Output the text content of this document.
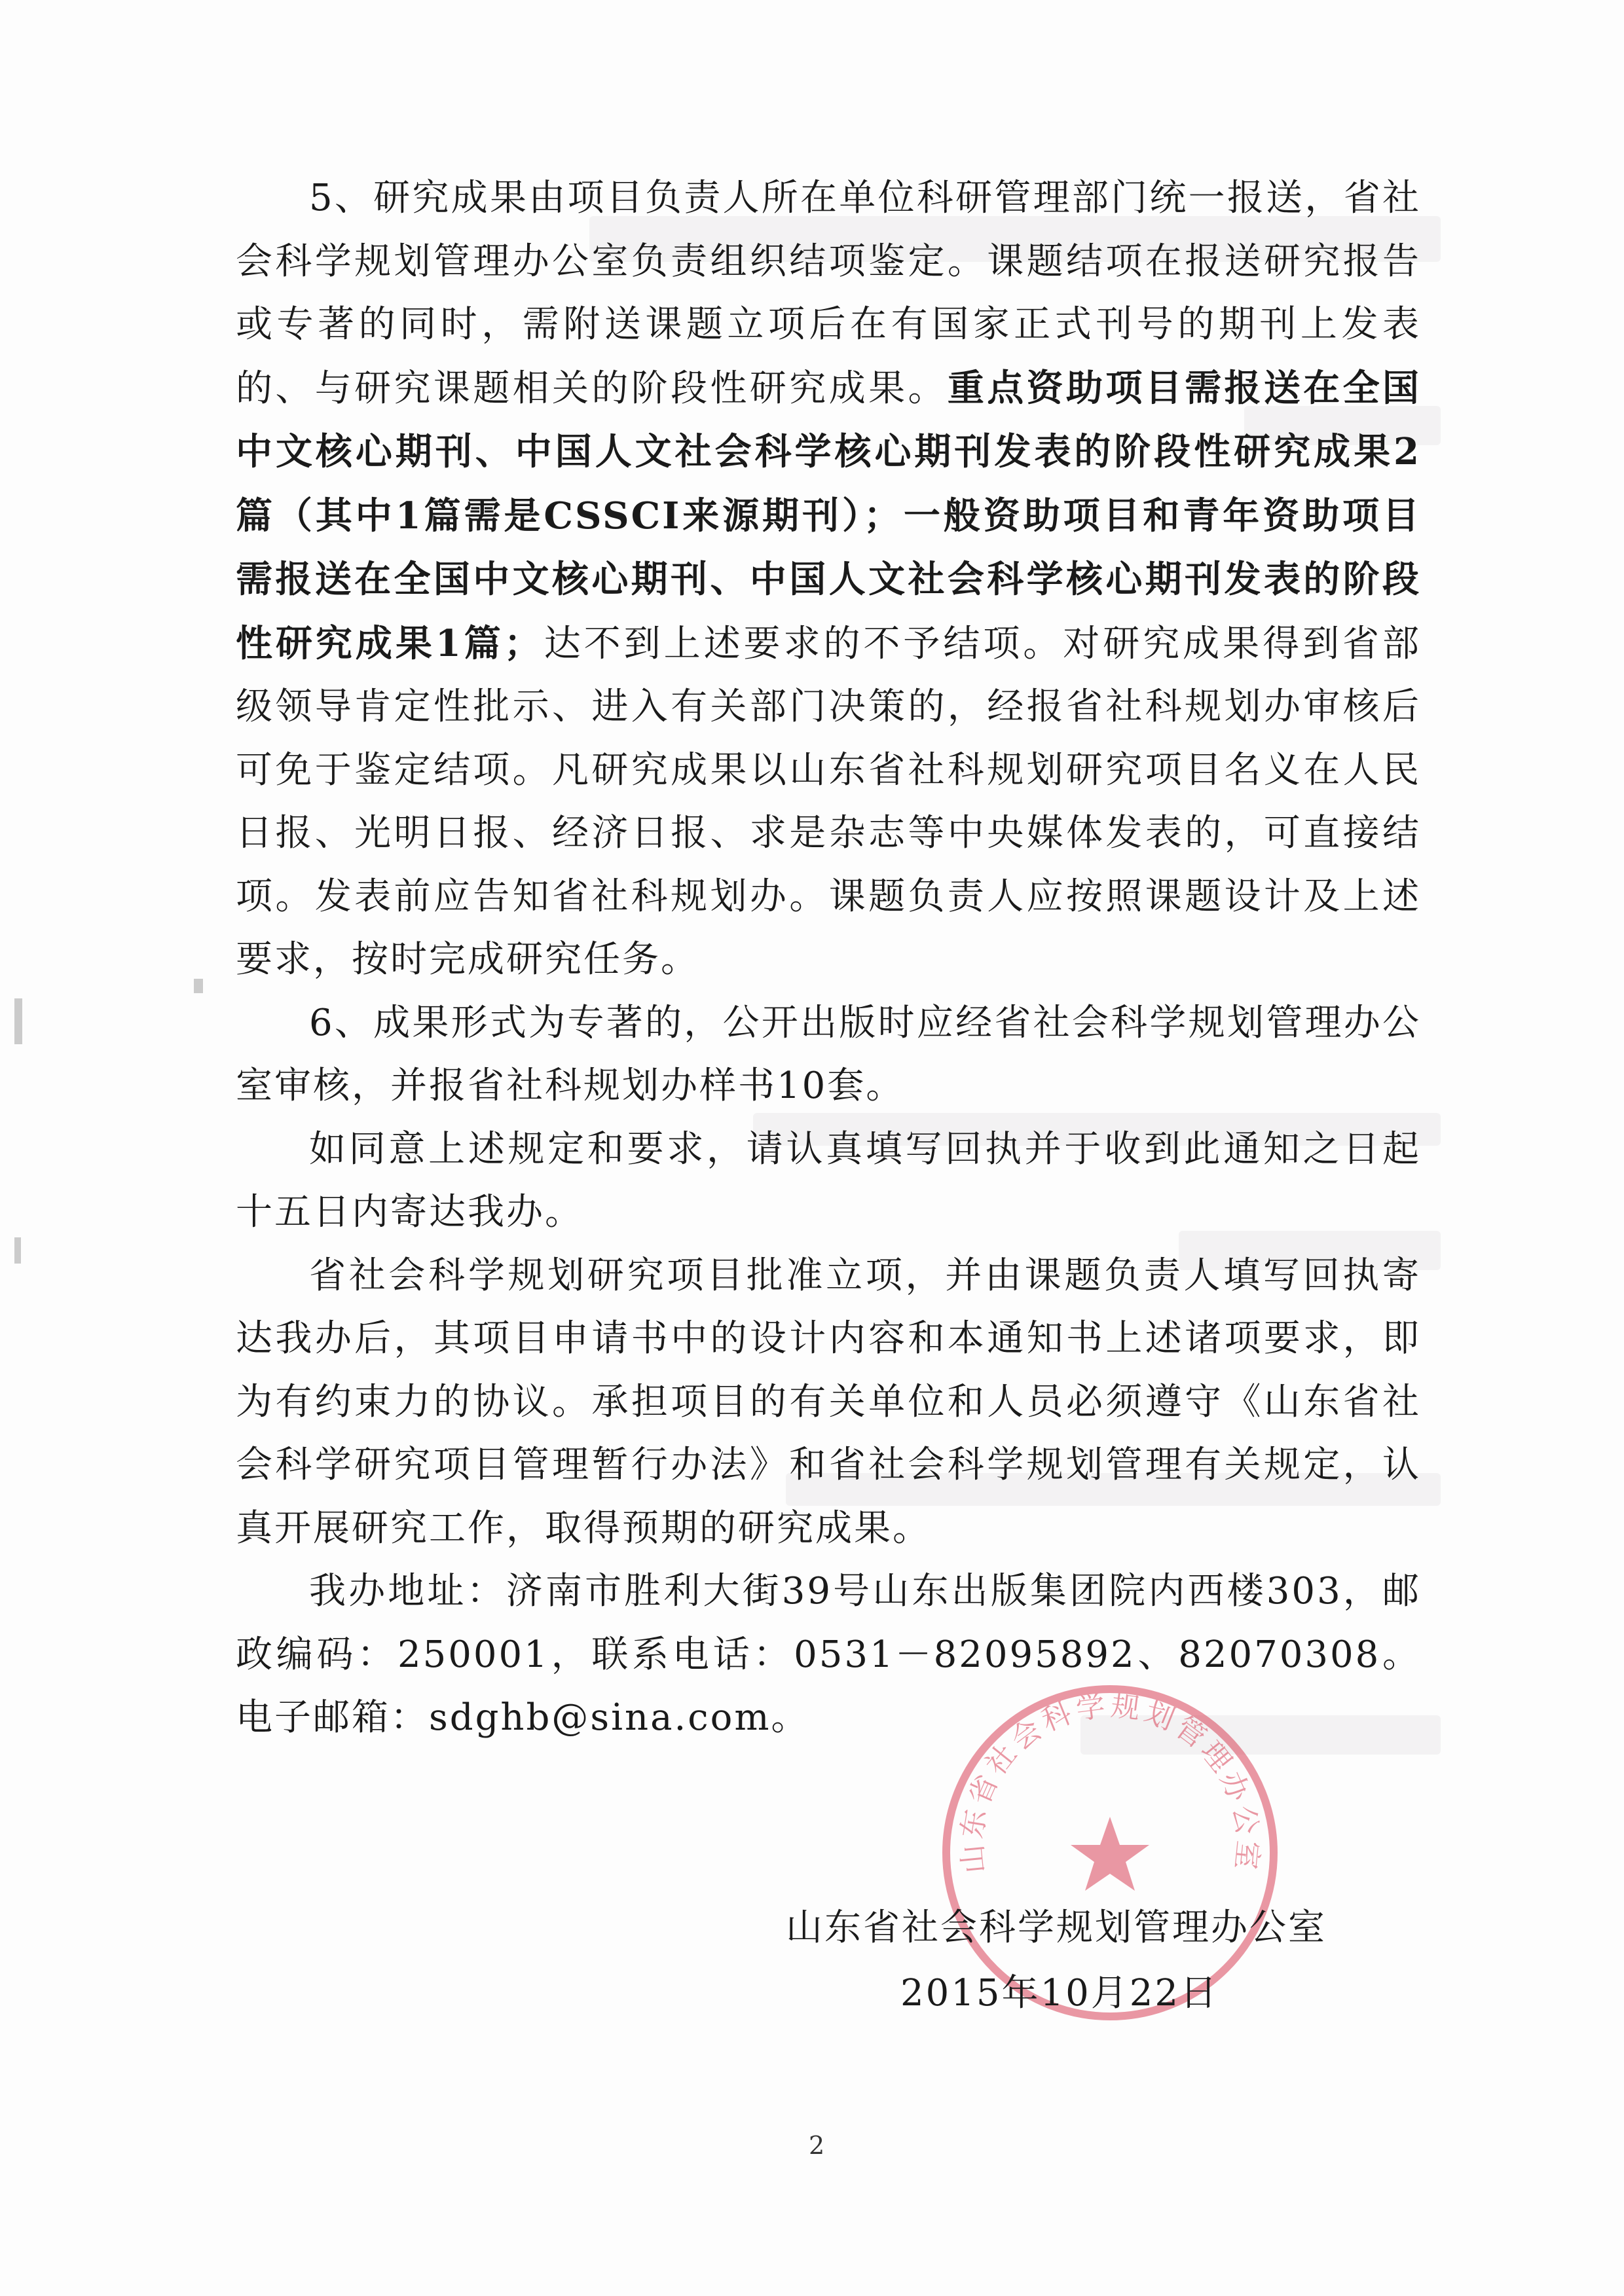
5、研究成果由项目负责人所在单位科研管理部门统一报送，省社会科学规划管理办公室负责组织结项鉴定。课题结项在报送研究报告或专著的同时，需附送课题立项后在有国家正式刊号的期刊上发表的、与研究课题相关的阶段性研究成果。重点资助项目需报送在全国中文核心期刊、中国人文社会科学核心期刊发表的阶段性研究成果2篇（其中1篇需是CSSCI来源期刊）；一般资助项目和青年资助项目需报送在全国中文核心期刊、中国人文社会科学核心期刊发表的阶段性研究成果1篇；达不到上述要求的不予结项。对研究成果得到省部级领导肯定性批示、进入有关部门决策的，经报省社科规划办审核后可免于鉴定结项。凡研究成果以山东省社科规划研究项目名义在人民日报、光明日报、经济日报、求是杂志等中央媒体发表的，可直接结项。发表前应告知省社科规划办。课题负责人应按照课题设计及上述要求，按时完成研究任务。

6、成果形式为专著的，公开出版时应经省社会科学规划管理办公室审核，并报省社科规划办样书10套。

如同意上述规定和要求，请认真填写回执并于收到此通知之日起十五日内寄达我办。

省社会科学规划研究项目批准立项，并由课题负责人填写回执寄达我办后，其项目申请书中的设计内容和本通知书上述诸项要求，即为有约束力的协议。承担项目的有关单位和人员必须遵守《山东省社会科学研究项目管理暂行办法》和省社会科学规划管理有关规定，认真开展研究工作，取得预期的研究成果。

我办地址：济南市胜利大街39号山东出版集团院内西楼303，邮政编码：250001，联系电话：0531－82095892、82070308。电子邮箱：sdghb@sina.com。

山东省社会科学规划管理办公室
山东省社会科学规划管理办公室
2015年10月22日
2
